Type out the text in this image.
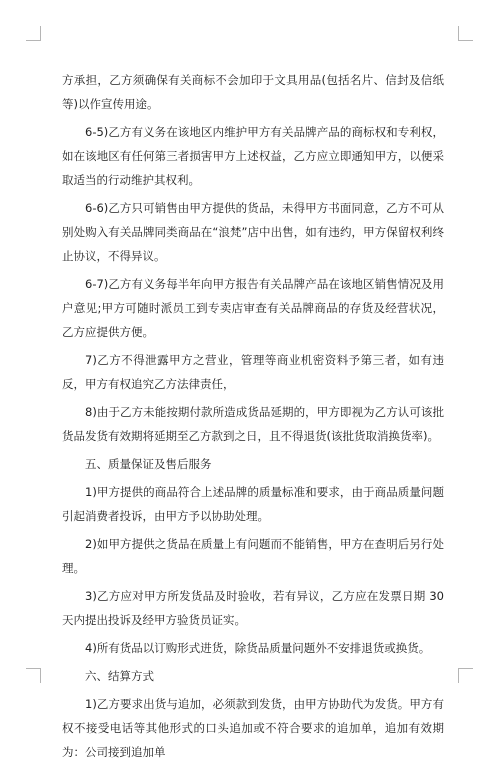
方承担，乙方须确保有关商标不会加印于文具用品(包括名片、信封及信纸等)以作宣传用途。

6-5)乙方有义务在该地区内维护甲方有关品牌产品的商标权和专利权，如在该地区有任何第三者损害甲方上述权益，乙方应立即通知甲方，以便采取适当的行动维护其权利。

6-6)乙方只可销售由甲方提供的货品，未得甲方书面同意，乙方不可从别处购入有关品牌同类商品在“浪梵”店中出售，如有违约，甲方保留权利终止协议，不得异议。

6-7)乙方有义务每半年向甲方报告有关品牌产品在该地区销售情况及用户意见;甲方可随时派员工到专卖店审查有关品牌商品的存货及经营状况，乙方应提供方便。

7)乙方不得泄露甲方之营业，管理等商业机密资料予第三者，如有违反，甲方有权追究乙方法律责任，

8)由于乙方未能按期付款所造成货品延期的，甲方即视为乙方认可该批货品发货有效期将延期至乙方款到之日，且不得退货(该批货取消换货率)。

五、质量保证及售后服务

1)甲方提供的商品符合上述品牌的质量标准和要求，由于商品质量问题引起消费者投诉，由甲方予以协助处理。

2)如甲方提供之货品在质量上有问题而不能销售，甲方在查明后另行处理。

3)乙方应对甲方所发货品及时验收，若有异议，乙方应在发票日期 30 天内提出投诉及经甲方验货员证实。

4)所有货品以订购形式进货，除货品质量问题外不安排退货或换货。

六、结算方式

1)乙方要求出货与追加，必须款到发货，由甲方协助代为发货。甲方有权不接受电话等其他形式的口头追加或不符合要求的追加单，追加有效期为：公司接到追加单
